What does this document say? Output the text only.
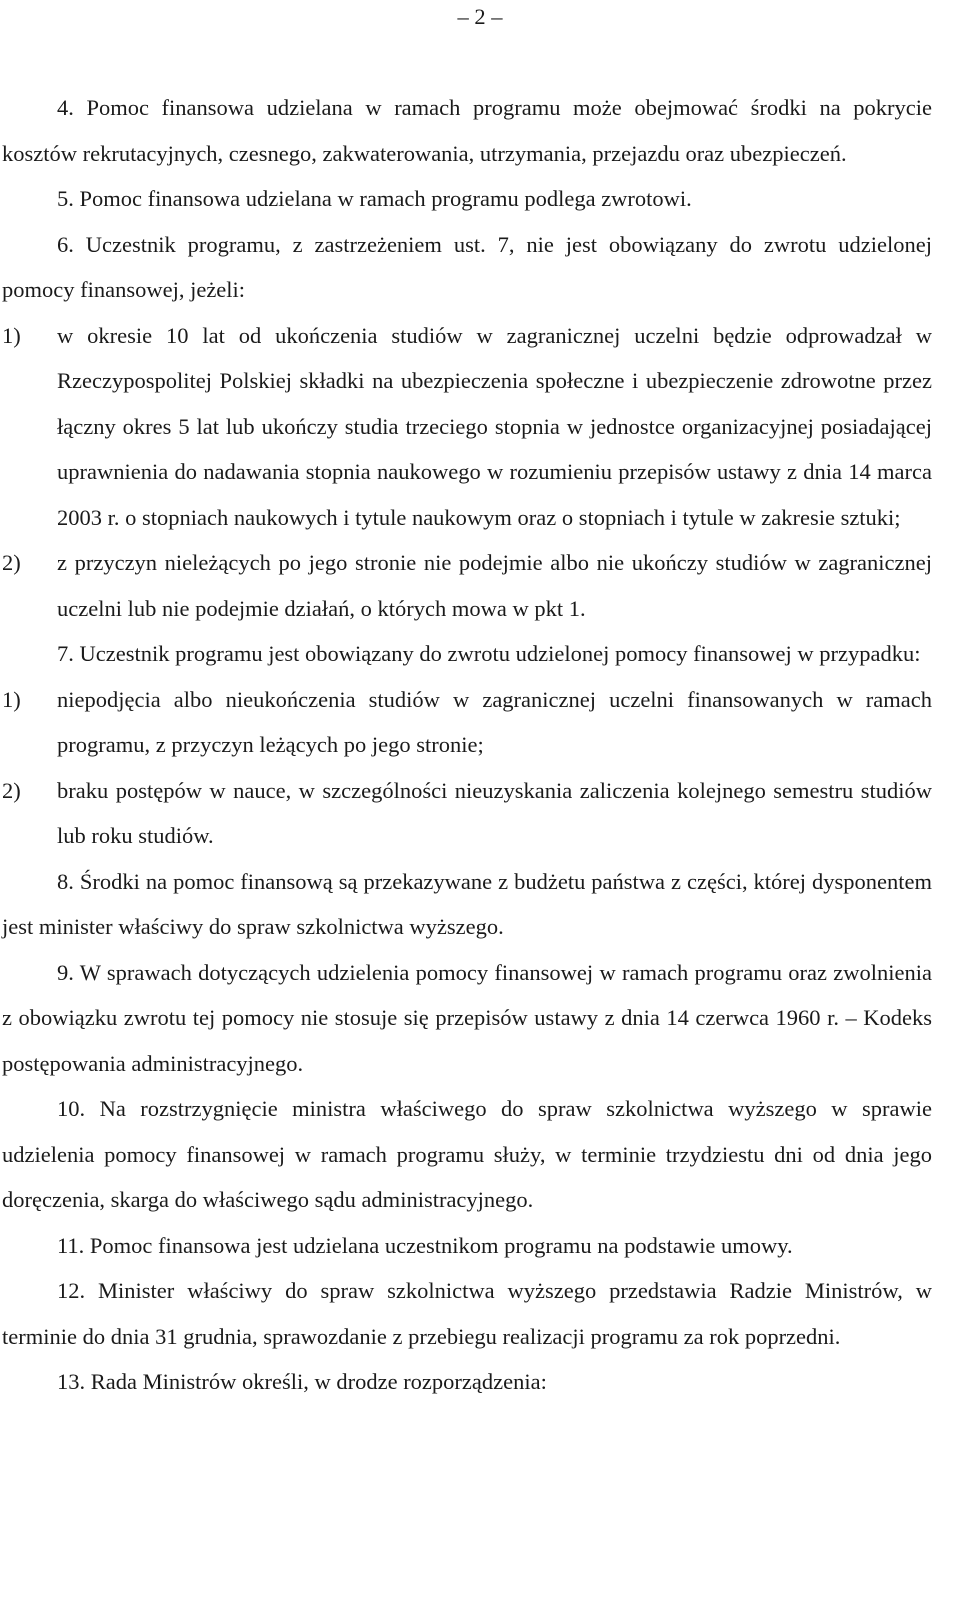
– 2 –

4. Pomoc finansowa udzielana w ramach programu może obejmować środki na pokrycie kosztów rekrutacyjnych, czesnego, zakwaterowania, utrzymania, przejazdu oraz ubezpieczeń.

5. Pomoc finansowa udzielana w ramach programu podlega zwrotowi.

6. Uczestnik programu, z zastrzeżeniem ust. 7, nie jest obowiązany do zwrotu udzielonej pomocy finansowej, jeżeli:

1)	w okresie 10 lat od ukończenia studiów w zagranicznej uczelni będzie odprowadzał w Rzeczypospolitej Polskiej składki na ubezpieczenia społeczne i ubezpieczenie zdrowotne przez łączny okres 5 lat lub ukończy studia trzeciego stopnia w jednostce organizacyjnej posiadającej uprawnienia do nadawania stopnia naukowego w rozumieniu przepisów ustawy z dnia 14 marca 2003 r. o stopniach naukowych i tytule naukowym oraz o stopniach i tytule w zakresie sztuki;
2)	z przyczyn nieleżących po jego stronie nie podejmie albo nie ukończy studiów w zagranicznej uczelni lub nie podejmie działań, o których mowa w pkt 1.

7. Uczestnik programu jest obowiązany do zwrotu udzielonej pomocy finansowej w przypadku:

1)	niepodjęcia albo nieukończenia studiów w zagranicznej uczelni finansowanych w ramach programu, z przyczyn leżących po jego stronie;
2)	braku postępów w nauce, w szczególności nieuzyskania zaliczenia kolejnego semestru studiów lub roku studiów.

8. Środki na pomoc finansową są przekazywane z budżetu państwa z części, której dysponentem jest minister właściwy do spraw szkolnictwa wyższego.

9. W sprawach dotyczących udzielenia pomocy finansowej w ramach programu oraz zwolnienia z obowiązku zwrotu tej pomocy nie stosuje się przepisów ustawy z dnia 14 czerwca 1960 r. – Kodeks postępowania administracyjnego.

10. Na rozstrzygnięcie ministra właściwego do spraw szkolnictwa wyższego w sprawie udzielenia pomocy finansowej w ramach programu służy, w terminie trzydziestu dni od dnia jego doręczenia, skarga do właściwego sądu administracyjnego.

11. Pomoc finansowa jest udzielana uczestnikom programu na podstawie umowy.

12. Minister właściwy do spraw szkolnictwa wyższego przedstawia Radzie Ministrów, w terminie do dnia 31 grudnia, sprawozdanie z przebiegu realizacji programu za rok poprzedni.

13. Rada Ministrów określi, w drodze rozporządzenia:
